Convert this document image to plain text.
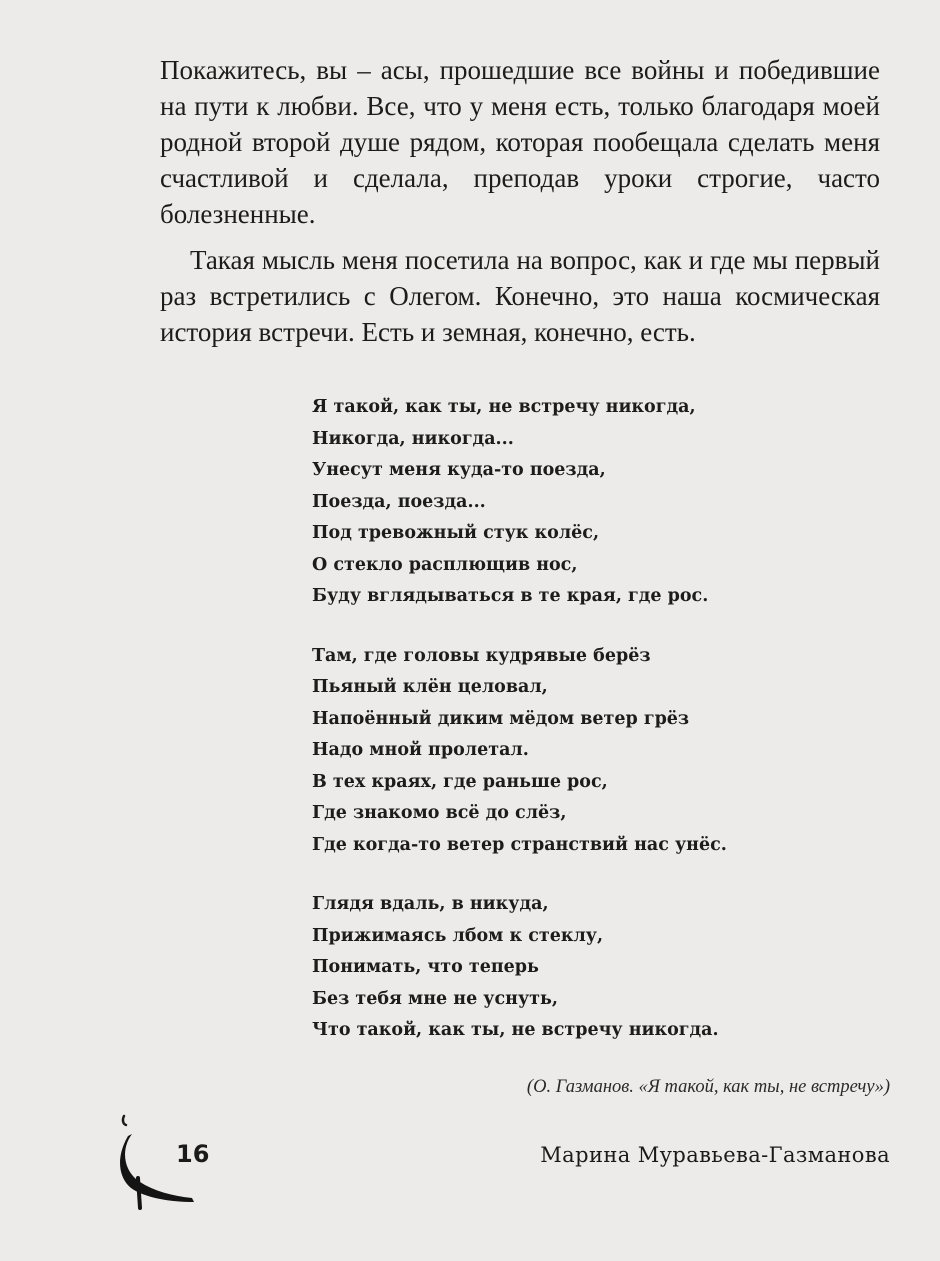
Покажитесь, вы – асы, прошедшие все войны и победившие на пути к любви. Все, что у меня есть, только благодаря моей родной второй душе рядом, которая пообещала сделать меня счастливой и сделала, преподав уроки строгие, часто болезненные.

Такая мысль меня посетила на вопрос, как и где мы первый раз встретились с Олегом. Конечно, это наша космическая история встречи. Есть и земная, конечно, есть.

Я такой, как ты, не встречу никогда,
Никогда, никогда...
Унесут меня куда-то поезда,
Поезда, поезда...
Под тревожный стук колёс,
О стекло расплющив нос,
Буду вглядываться в те края, где рос.
Там, где головы кудрявые берёз
Пьяный клён целовал,
Напоённый диким мёдом ветер грёз
Надо мной пролетал.
В тех краях, где раньше рос,
Где знакомо всё до слёз,
Где когда-то ветер странствий нас унёс.
Глядя вдаль, в никуда,
Прижимаясь лбом к стеклу,
Понимать, что теперь
Без тебя мне не уснуть,
Что такой, как ты, не встречу никогда.
(О. Газманов. «Я такой, как ты, не встречу»)
16	Марина Муравьева-Газманова
